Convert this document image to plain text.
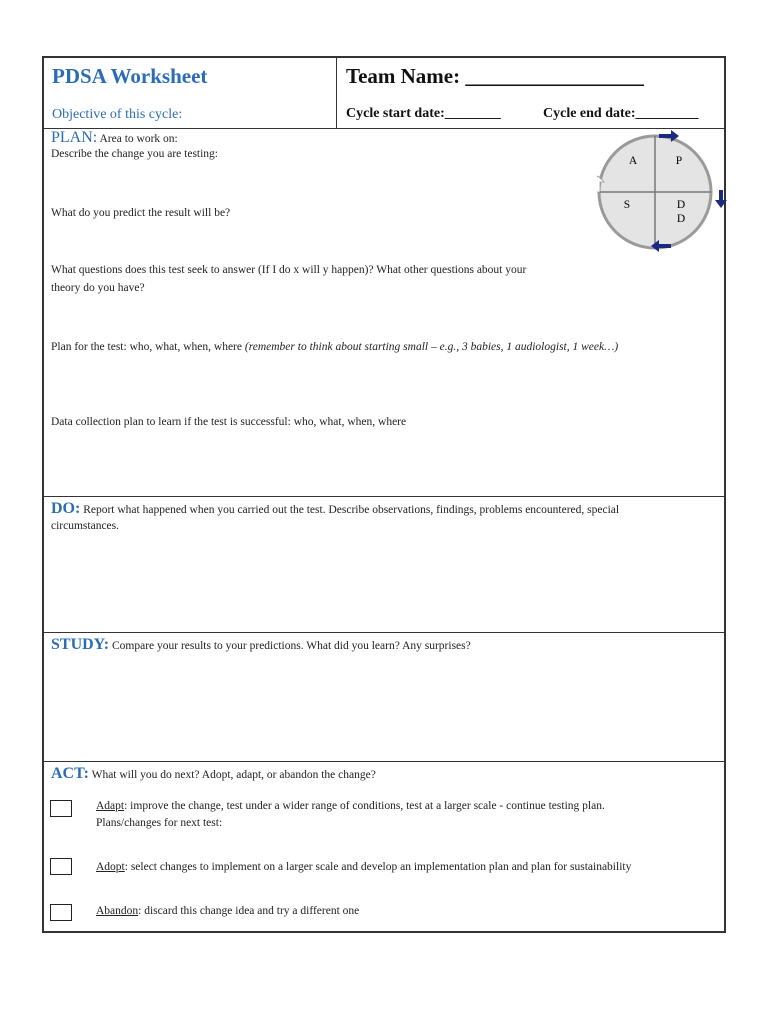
PDSA Worksheet
Objective of this cycle:
Team Name: _________________
Cycle start date:________	Cycle end date:_________
PLAN: Area to work on:
Describe the change you are testing:
What do you predict the result will be?
What questions does this test seek to answer (If I do x will y happen)? What other questions about your
theory do you have?
Plan for the test: who, what, when, where (remember to think about starting small – e.g., 3 babies, 1 audiologist, 1 week…)
Data collection plan to learn if the test is successful: who, what, when, where
A	P
S	D
D
DO: Report what happened when you carried out the test. Describe observations, findings, problems encountered, special
circumstances.
STUDY: Compare your results to your predictions. What did you learn? Any surprises?
ACT: What will you do next? Adopt, adapt, or abandon the change?
Adapt: improve the change, test under a wider range of conditions, test at a larger scale - continue testing plan.
Plans/changes for next test:
Adopt: select changes to implement on a larger scale and develop an implementation plan and plan for sustainability
Abandon: discard this change idea and try a different one
